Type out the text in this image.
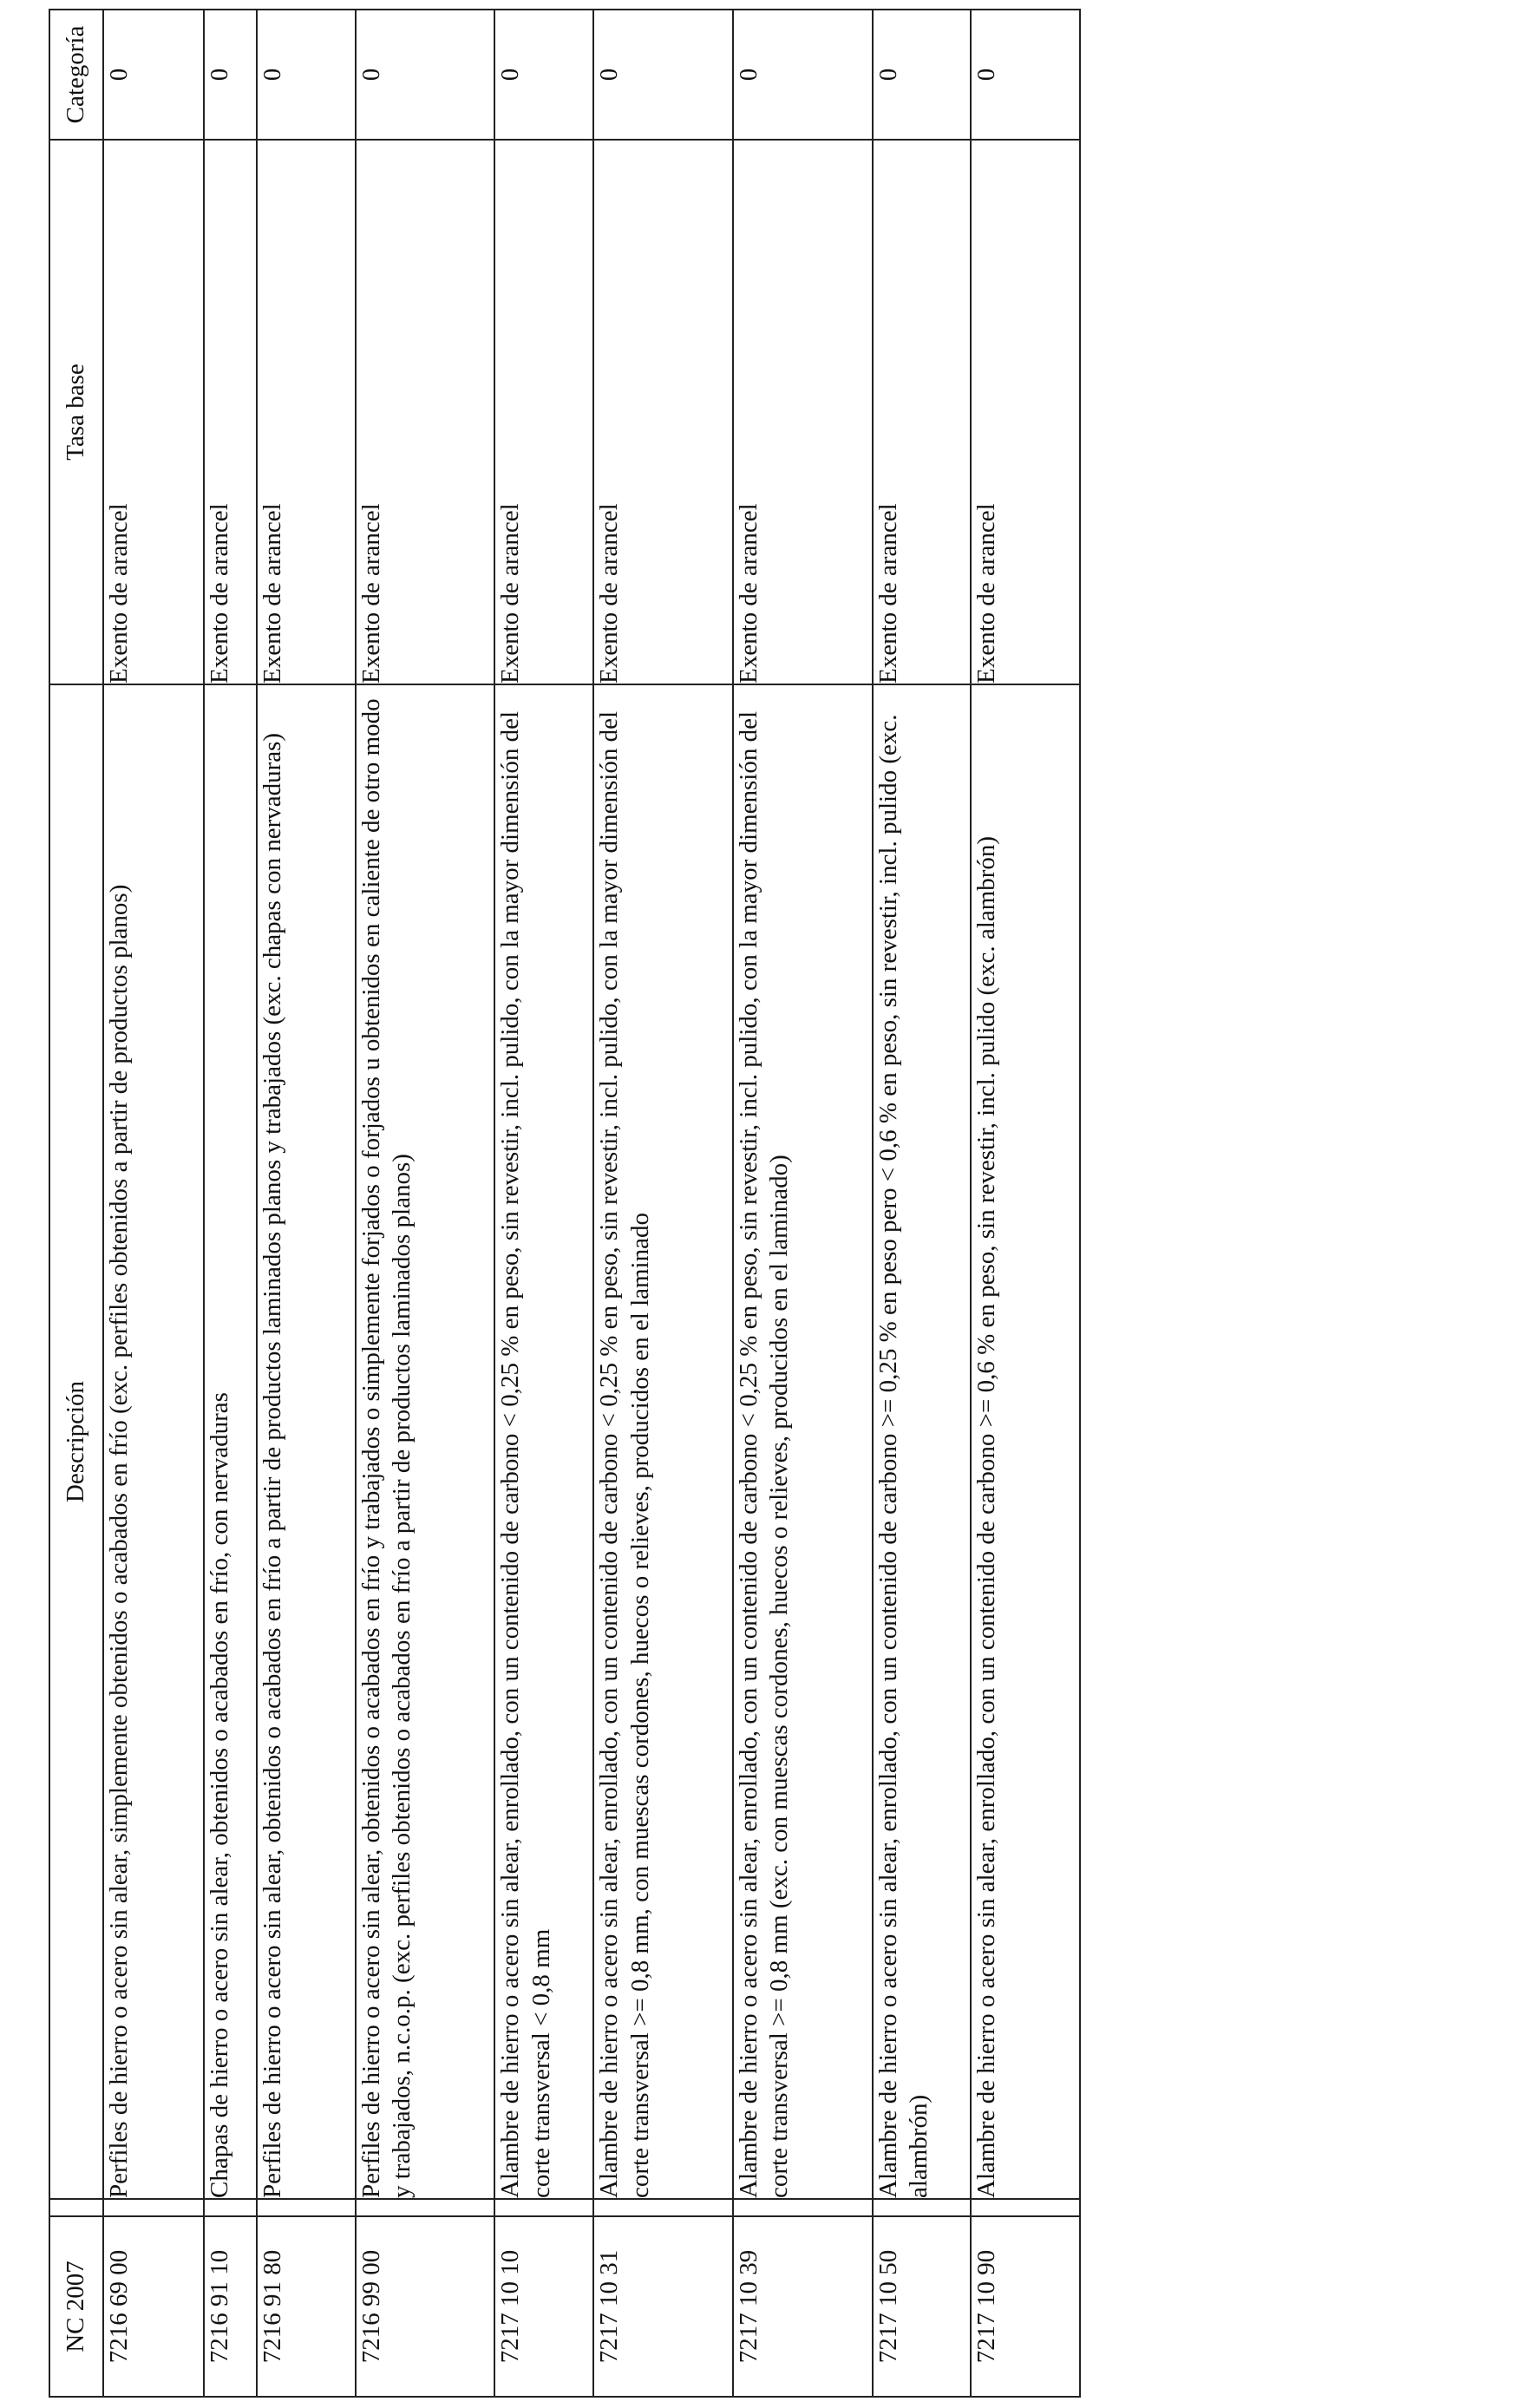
NC 2007		Descripción	Tasa base	Categoría
7216 69 00		Perfiles de hierro o acero sin alear, simplemente obtenidos o acabados en frío (exc. perfiles obtenidos a partir de productos planos)	Exento de arancel	0
7216 91 10		Chapas de hierro o acero sin alear, obtenidos o acabados en frío, con nervaduras	Exento de arancel	0
7216 91 80		Perfiles de hierro o acero sin alear, obtenidos o acabados en frío a partir de productos laminados planos y trabajados (exc. chapas con nervaduras)	Exento de arancel	0
7216 99 00		Perfiles de hierro o acero sin alear, obtenidos o acabados en frío y trabajados o simplemente forjados o forjados u obtenidos en caliente de otro modo y trabajados, n.c.o.p. (exc. perfiles obtenidos o acabados en frío a partir de productos laminados planos)	Exento de arancel	0
7217 10 10		Alambre de hierro o acero sin alear, enrollado, con un contenido de carbono < 0,25 % en peso, sin revestir, incl. pulido, con la mayor dimensión del corte transversal < 0,8 mm	Exento de arancel	0
7217 10 31		Alambre de hierro o acero sin alear, enrollado, con un contenido de carbono < 0,25 % en peso, sin revestir, incl. pulido, con la mayor dimensión del corte transversal >= 0,8 mm, con muescas cordones, huecos o relieves, producidos en el laminado	Exento de arancel	0
7217 10 39		Alambre de hierro o acero sin alear, enrollado, con un contenido de carbono < 0,25 % en peso, sin revestir, incl. pulido, con la mayor dimensión del corte transversal >= 0,8 mm (exc. con muescas cordones, huecos o relieves, producidos en el laminado)	Exento de arancel	0
7217 10 50		Alambre de hierro o acero sin alear, enrollado, con un contenido de carbono >= 0,25 % en peso pero < 0,6 % en peso, sin revestir, incl. pulido (exc. alambrón)	Exento de arancel	0
7217 10 90		Alambre de hierro o acero sin alear, enrollado, con un contenido de carbono >= 0,6 % en peso, sin revestir, incl. pulido (exc. alambrón)	Exento de arancel	0
